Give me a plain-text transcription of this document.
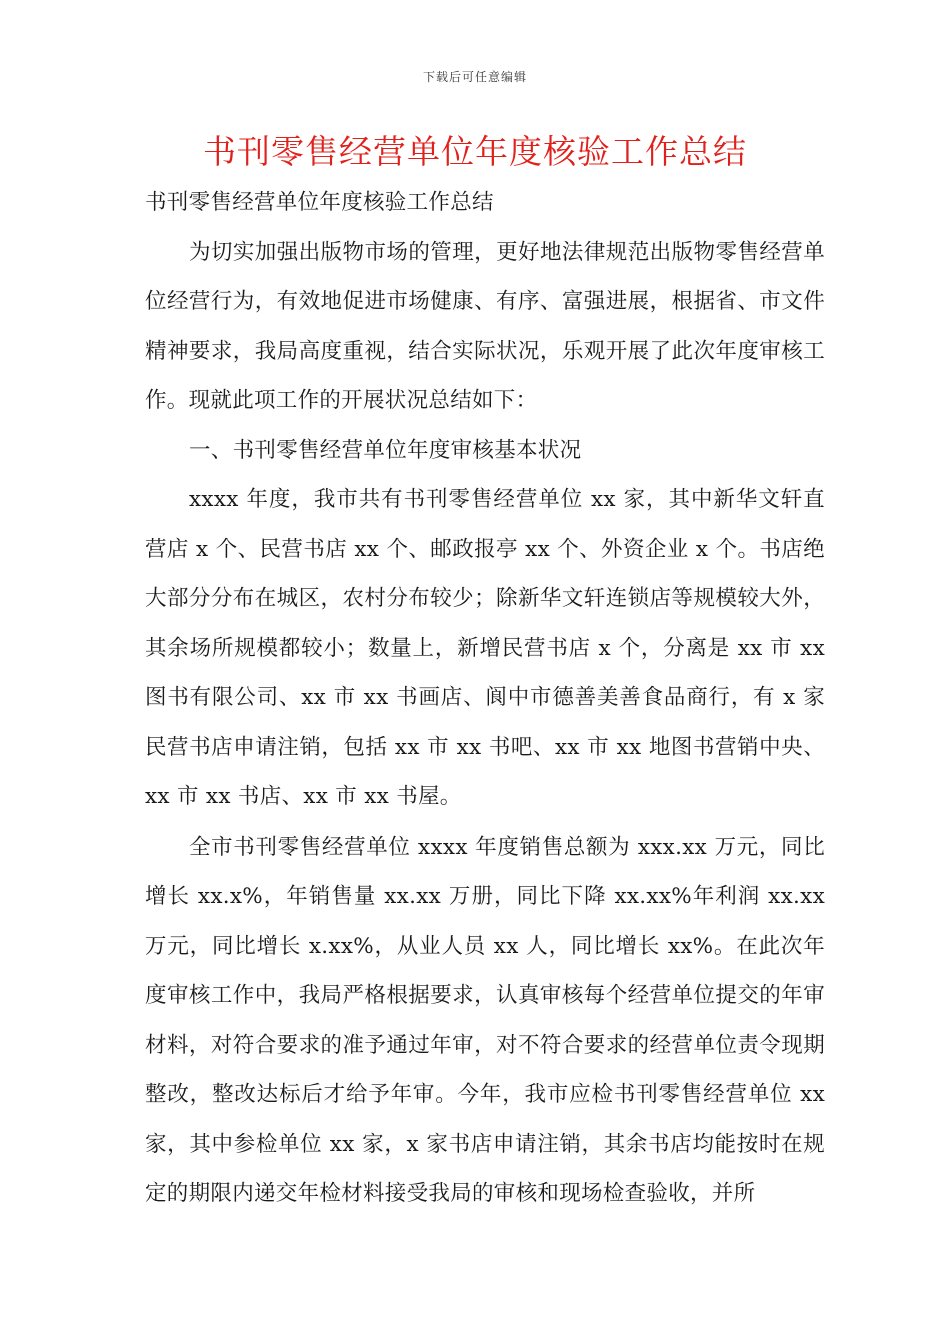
下载后可任意编辑
书刊零售经营单位年度核验工作总结

书刊零售经营单位年度核验工作总结

为切实加强出版物市场的管理，更好地法律规范出版物零售经营单位经营行为，有效地促进市场健康、有序、富强进展，根据省、市文件精神要求，我局高度重视，结合实际状况，乐观开展了此次年度审核工作。现就此项工作的开展状况总结如下：

一、书刊零售经营单位年度审核基本状况

xxxx 年度，我市共有书刊零售经营单位 xx 家，其中新华文轩直营店 x 个、民营书店 xx 个、邮政报亭 xx 个、外资企业 x 个。书店绝大部分分布在城区，农村分布较少；除新华文轩连锁店等规模较大外，其余场所规模都较小；数量上，新增民营书店 x 个，分离是 xx 市 xx 图书有限公司、xx 市 xx 书画店、阆中市德善美善食品商行，有 x 家民营书店申请注销，包括 xx 市 xx 书吧、xx 市 xx 地图书营销中央、xx 市 xx 书店、xx 市 xx 书屋。

全市书刊零售经营单位 xxxx 年度销售总额为 xxx.xx 万元，同比增长 xx.x%，年销售量 xx.xx 万册，同比下降 xx.xx%年利润 xx.xx 万元，同比增长 x.xx%，从业人员 xx 人，同比增长 xx%。在此次年度审核工作中，我局严格根据要求，认真审核每个经营单位提交的年审材料，对符合要求的准予通过年审，对不符合要求的经营单位责令现期整改，整改达标后才给予年审。今年，我市应检书刊零售经营单位 xx 家，其中参检单位 xx 家，x 家书店申请注销，其余书店均能按时在规定的期限内递交年检材料接受我局的审核和现场检查验收，并所
